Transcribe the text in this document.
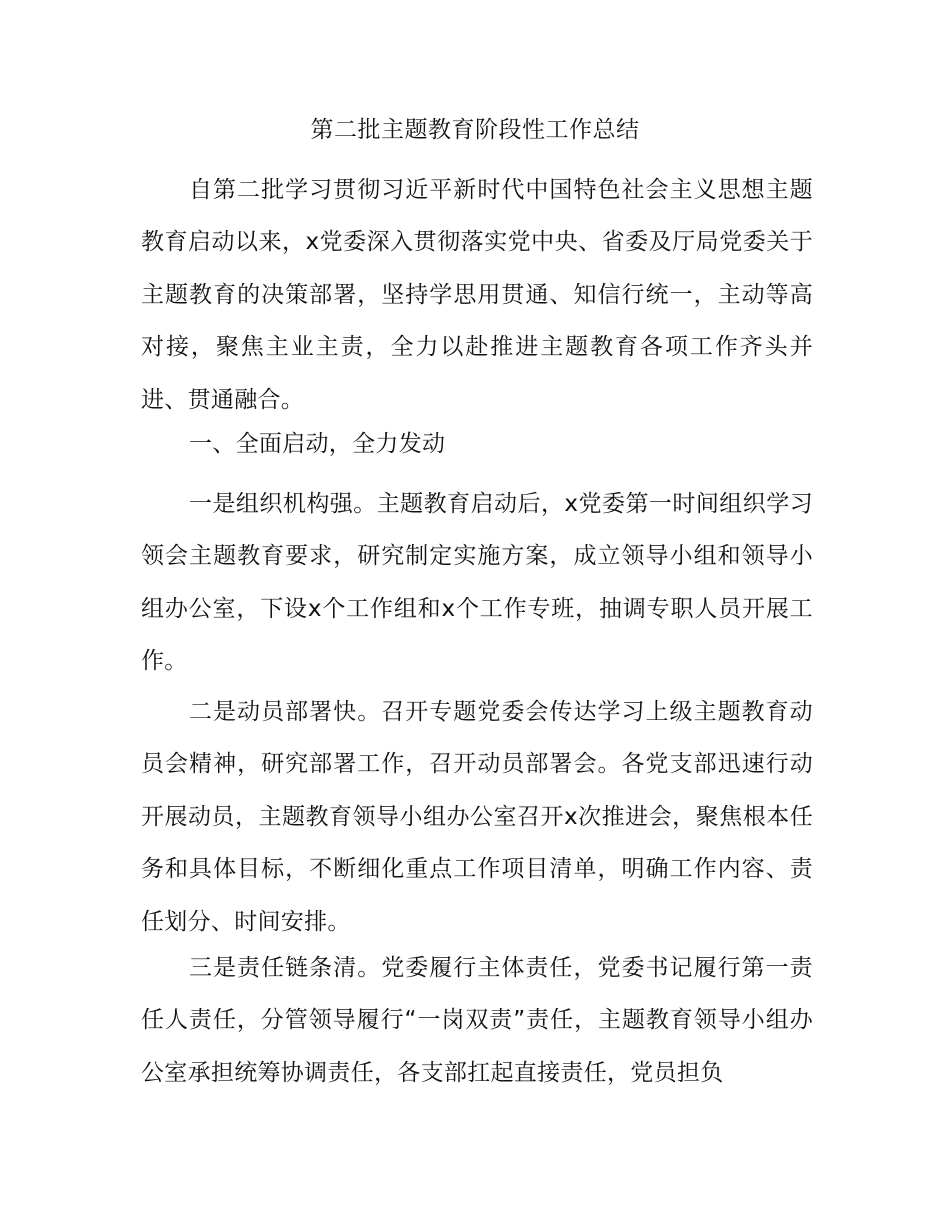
第二批主题教育阶段性工作总结

自第二批学习贯彻习近平新时代中国特色社会主义思想主题教育启动以来，x党委深入贯彻落实党中央、省委及厅局党委关于主题教育的决策部署，坚持学思用贯通、知信行统一，主动等高对接，聚焦主业主责，全力以赴推进主题教育各项工作齐头并进、贯通融合。

一、全面启动，全力发动

一是组织机构强。主题教育启动后，x党委第一时间组织学习领会主题教育要求，研究制定实施方案，成立领导小组和领导小组办公室，下设x个工作组和x个工作专班，抽调专职人员开展工作。

二是动员部署快。召开专题党委会传达学习上级主题教育动员会精神，研究部署工作，召开动员部署会。各党支部迅速行动开展动员，主题教育领导小组办公室召开x次推进会，聚焦根本任务和具体目标，不断细化重点工作项目清单，明确工作内容、责任划分、时间安排。

三是责任链条清。党委履行主体责任，党委书记履行第一责任人责任，分管领导履行“一岗双责”责任，主题教育领导小组办公室承担统筹协调责任，各支部扛起直接责任，党员担负
